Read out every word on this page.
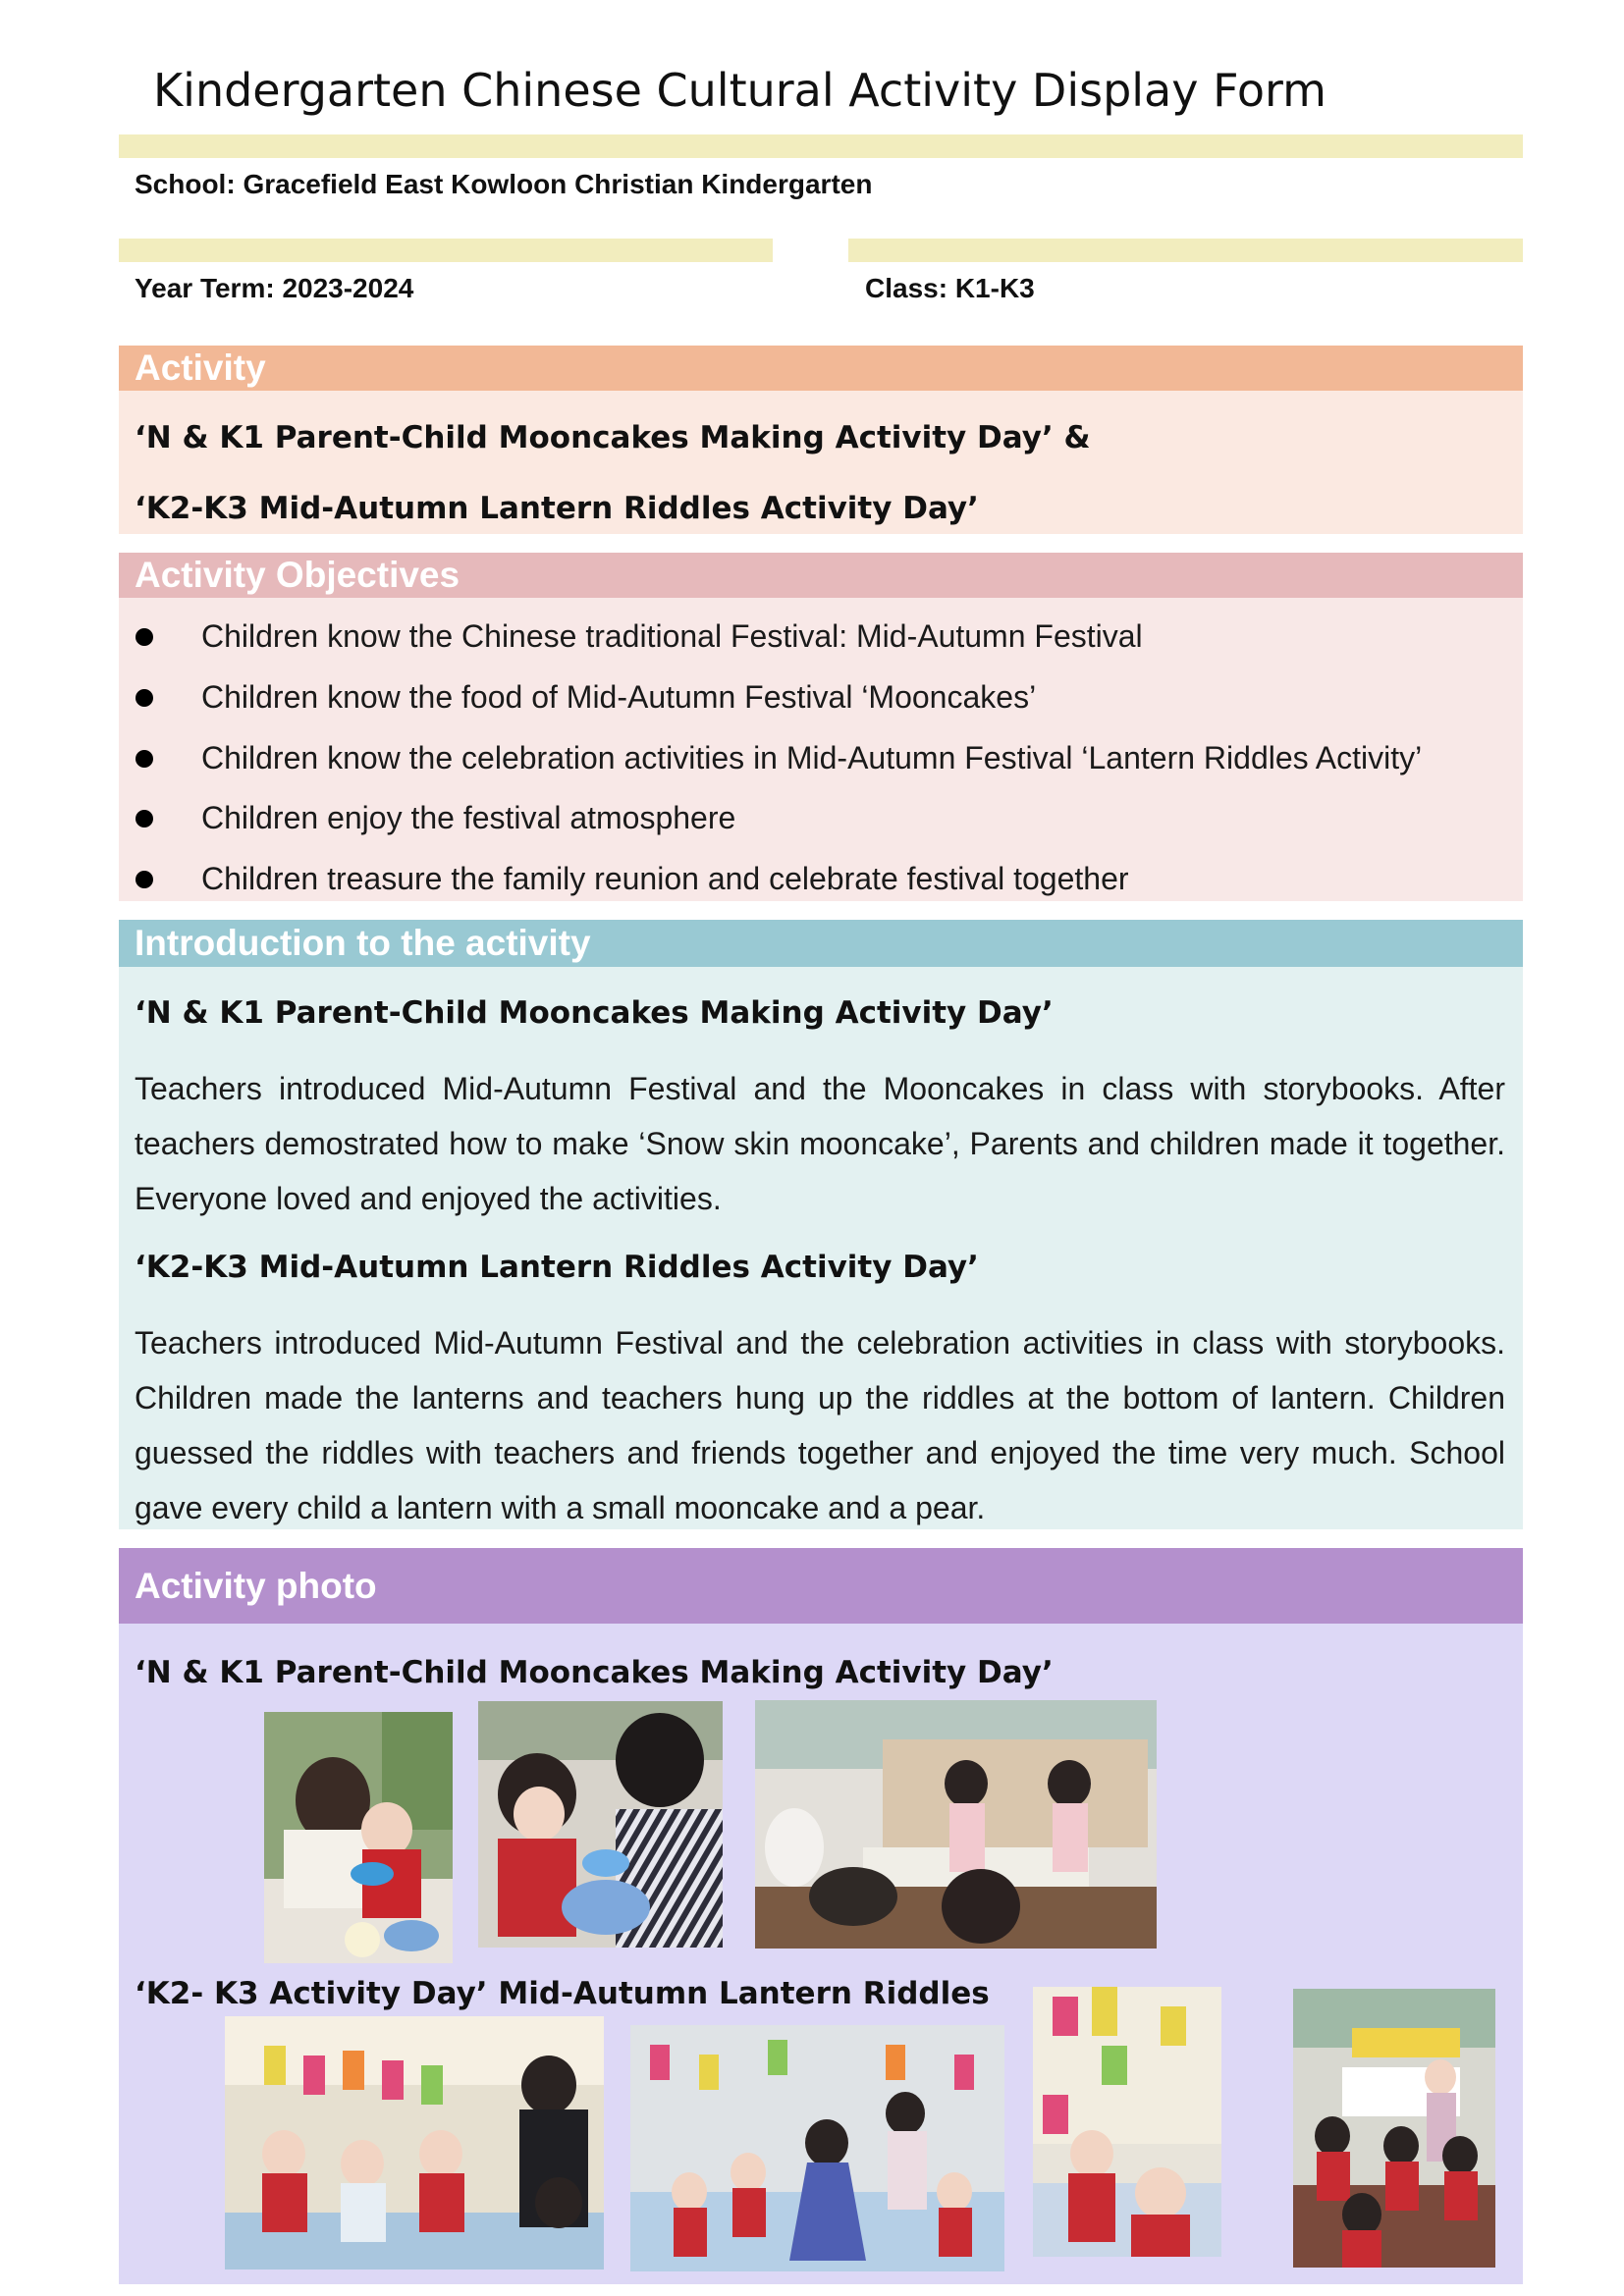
Kindergarten Chinese Cultural Activity Display Form
School: Gracefield East Kowloon Christian Kindergarten
Year Term: 2023-2024	Class: K1-K3
Activity
‘N & K1 Parent-Child Mooncakes Making Activity Day’ &
‘K2-K3 Mid-Autumn Lantern Riddles Activity Day’
Activity Objectives
Children know the Chinese traditional Festival: Mid-Autumn Festival
Children know the food of Mid-Autumn Festival ‘Mooncakes’
Children know the celebration activities in Mid-Autumn Festival ‘Lantern Riddles Activity’
Children enjoy the festival atmosphere
Children treasure the family reunion and celebrate festival together
Introduction to the activity
‘N & K1 Parent-Child Mooncakes Making Activity Day’
Teachers introduced Mid-Autumn Festival and the Mooncakes in class with storybooks. After teachers demostrated how to make ‘Snow skin mooncake’, Parents and children made it together. Everyone loved and enjoyed the activities.
‘K2-K3 Mid-Autumn Lantern Riddles Activity Day’
Teachers introduced Mid-Autumn Festival and the celebration activities in class with storybooks. Children made the lanterns and teachers hung up the riddles at the bottom of lantern. Children guessed the riddles with teachers and friends together and enjoyed the time very much. School gave every child a lantern with a small mooncake and a pear.
Activity photo
‘N & K1 Parent-Child Mooncakes Making Activity Day’
‘K2- K3 Activity Day’ Mid-Autumn Lantern Riddles
